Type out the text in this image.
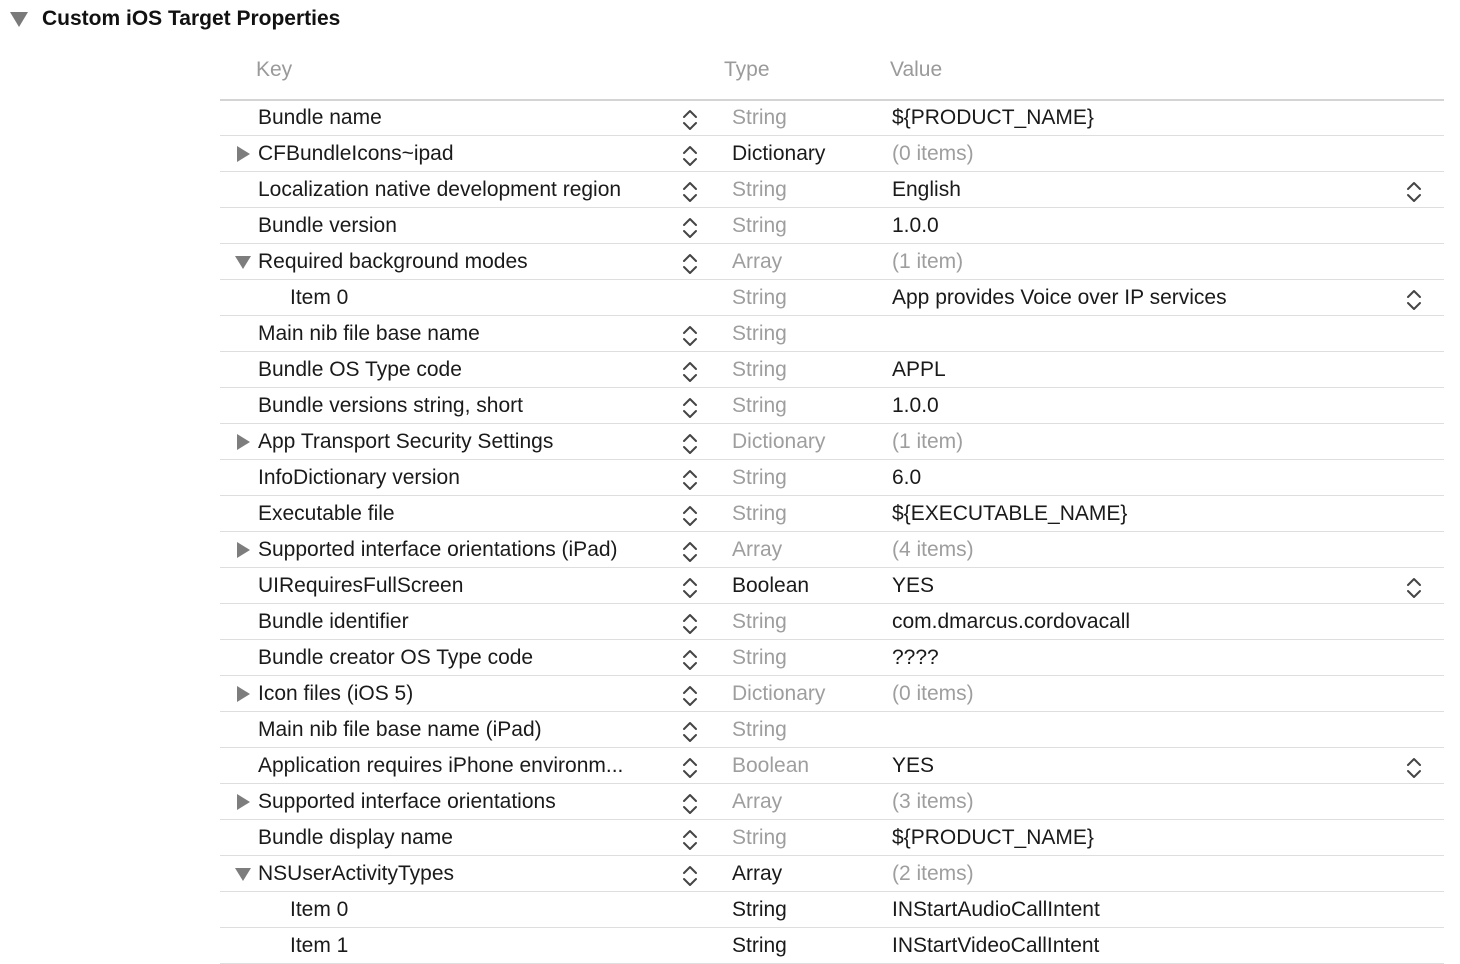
Custom iOS Target Properties
Key	Type	Value
Bundle name	String	${PRODUCT_NAME}
CFBundleIcons~ipad	Dictionary	(0 items)
Localization native development region	String	English
Bundle version	String	1.0.0
Required background modes	Array	(1 item)
Item 0	String	App provides Voice over IP services
Main nib file base name	String
Bundle OS Type code	String	APPL
Bundle versions string, short	String	1.0.0
App Transport Security Settings	Dictionary	(1 item)
InfoDictionary version	String	6.0
Executable file	String	${EXECUTABLE_NAME}
Supported interface orientations (iPad)	Array	(4 items)
UIRequiresFullScreen	Boolean	YES
Bundle identifier	String	com.dmarcus.cordovacall
Bundle creator OS Type code	String	????
Icon files (iOS 5)	Dictionary	(0 items)
Main nib file base name (iPad)	String
Application requires iPhone environm...	Boolean	YES
Supported interface orientations	Array	(3 items)
Bundle display name	String	${PRODUCT_NAME}
NSUserActivityTypes	Array	(2 items)
Item 0	String	INStartAudioCallIntent
Item 1	String	INStartVideoCallIntent
